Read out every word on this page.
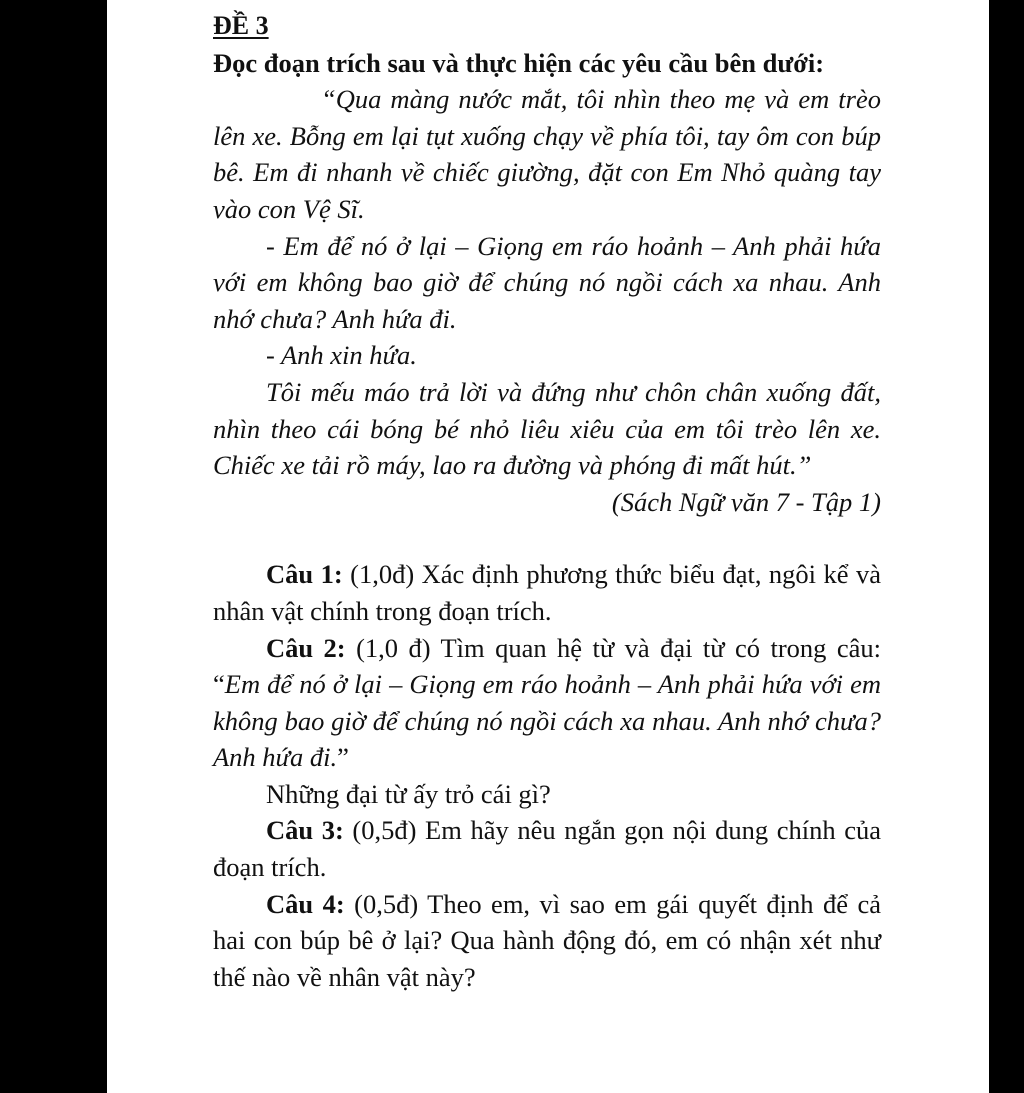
ĐỀ 3

Đọc đoạn trích sau và thực hiện các yêu cầu bên dưới:

“Qua màng nước mắt, tôi nhìn theo mẹ và em trèo lên xe. Bỗng em lại tụt xuống chạy về phía tôi, tay ôm con búp bê. Em đi nhanh về chiếc giường, đặt con Em Nhỏ quàng tay vào con Vệ Sĩ.

- Em để nó ở lại – Giọng em ráo hoảnh – Anh phải hứa với em không bao giờ để chúng nó ngồi cách xa nhau. Anh nhớ chưa? Anh hứa đi.

- Anh xin hứa.

Tôi mếu máo trả lời và đứng như chôn chân xuống đất, nhìn theo cái bóng bé nhỏ liêu xiêu của em tôi trèo lên xe. Chiếc xe tải rồ máy, lao ra đường và phóng đi mất hút.”

(Sách Ngữ văn 7 - Tập 1)

Câu 1: (1,0đ) Xác định phương thức biểu đạt, ngôi kể và nhân vật chính trong đoạn trích.

Câu 2: (1,0 đ) Tìm quan hệ từ và đại từ có trong câu: “Em để nó ở lại – Giọng em ráo hoảnh – Anh phải hứa với em không bao giờ để chúng nó ngồi cách xa nhau. Anh nhớ chưa? Anh hứa đi.”

Những đại từ ấy trỏ cái gì?

Câu 3: (0,5đ) Em hãy nêu ngắn gọn nội dung chính của đoạn trích.

Câu 4: (0,5đ) Theo em, vì sao em gái quyết định để cả hai con búp bê ở lại? Qua hành động đó, em có nhận xét như thế nào về nhân vật này?
